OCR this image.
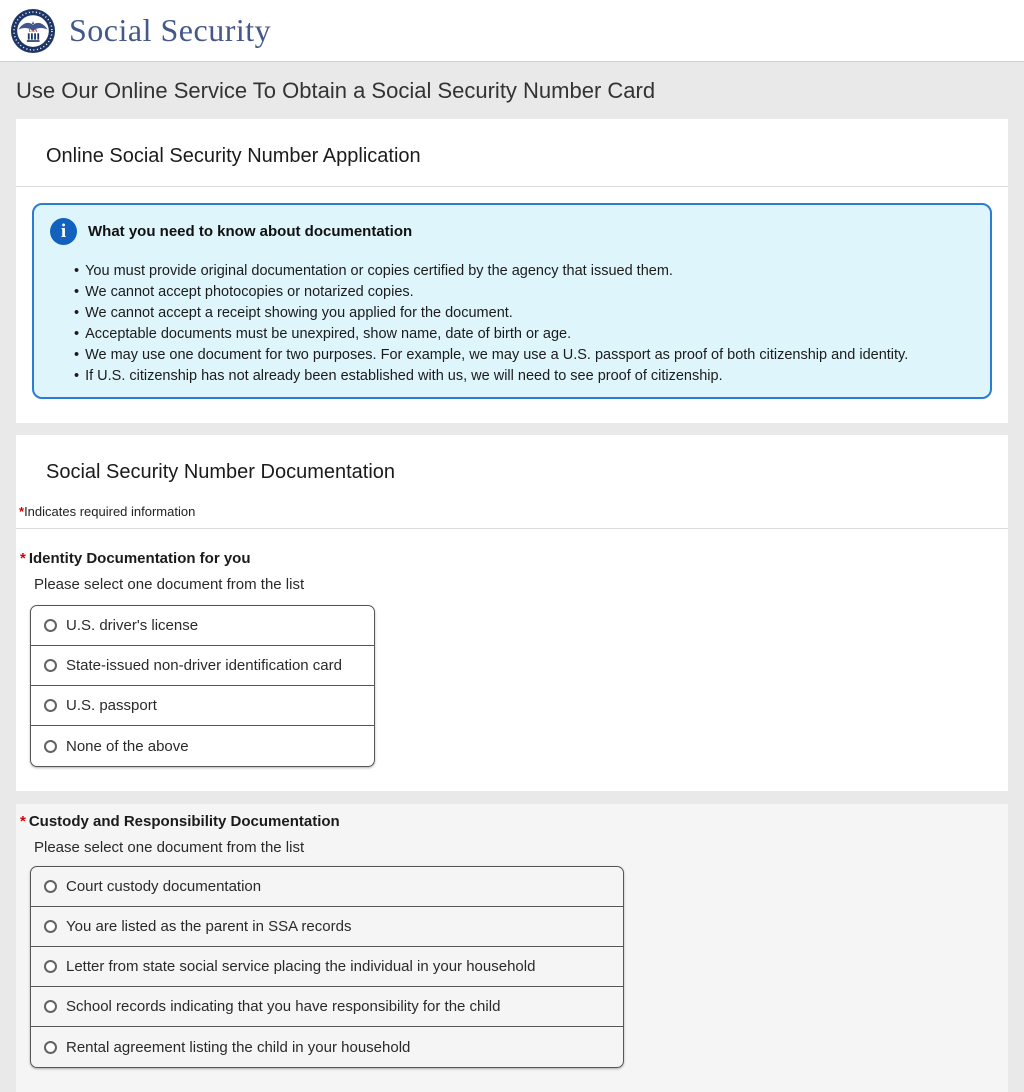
USA Social Security
Use Our Online Service To Obtain a Social Security Number Card
Online Social Security Number Application
i	What you need to know about documentation
• You must provide original documentation or copies certified by the agency that issued them.
• We cannot accept photocopies or notarized copies.
• We cannot accept a receipt showing you applied for the document.
• Acceptable documents must be unexpired, show name, date of birth or age.
• We may use one document for two purposes. For example, we may use a U.S. passport as proof of both citizenship and identity.
• If U.S. citizenship has not already been established with us, we will need to see proof of citizenship.
Social Security Number Documentation
*Indicates required information
* Identity Documentation for you
Please select one document from the list
U.S. driver's license
State-issued non-driver identification card
U.S. passport
None of the above
* Custody and Responsibility Documentation
Please select one document from the list
Court custody documentation
You are listed as the parent in SSA records
Letter from state social service placing the individual in your household
School records indicating that you have responsibility for the child
Rental agreement listing the child in your household
